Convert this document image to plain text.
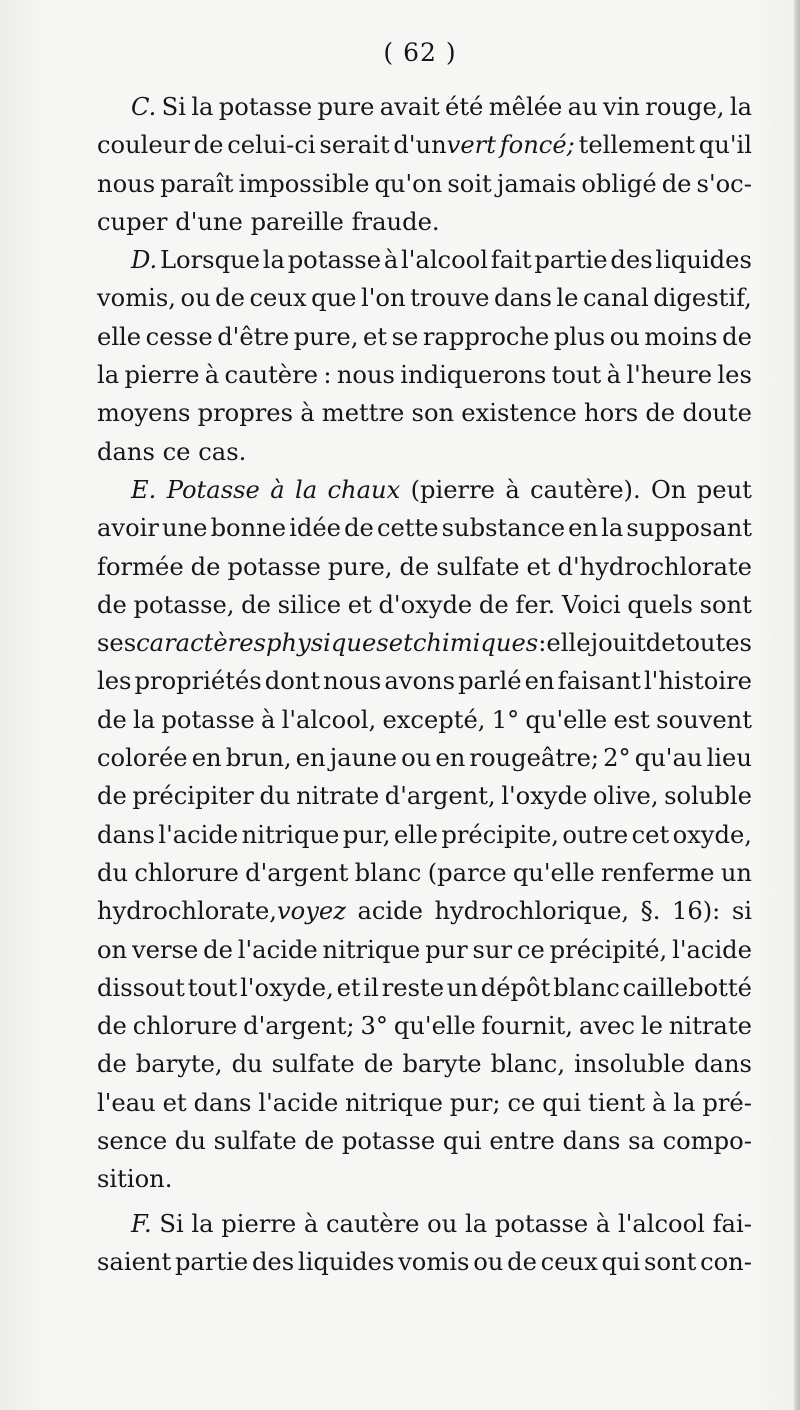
( 62 )
C. Si la potasse pure avait été mêlée au vin rouge, la
couleur de celui-ci serait d'unvert foncé; tellement qu'il
nous paraît impossible qu'on soit jamais obligé de s'oc-
cuper d'une pareille fraude.
D. Lorsque la potasse à l'alcool fait partie des liquides
vomis, ou de ceux que l'on trouve dans le canal digestif,
elle cesse d'être pure, et se rapproche plus ou moins de
la pierre à cautère : nous indiquerons tout à l'heure les
moyens propres à mettre son existence hors de doute
dans ce cas.
E. Potasse à la chaux (pierre à cautère). On peut
avoir une bonne idée de cette substance en la supposant
formée de potasse pure, de sulfate et d'hydrochlorate
de potasse, de silice et d'oxyde de fer. Voici quels sont
sescaractères physiques et chimiques: elle jouit de toutes
les propriétés dont nous avons parlé en faisant l'histoire
de la potasse à l'alcool, excepté, 1° qu'elle est souvent
colorée en brun, en jaune ou en rougeâtre; 2° qu'au lieu
de précipiter du nitrate d'argent, l'oxyde olive, soluble
dans l'acide nitrique pur, elle précipite, outre cet oxyde,
du chlorure d'argent blanc (parce qu'elle renferme un
hydrochlorate,voyez acide hydrochlorique, §. 16): si
on verse de l'acide nitrique pur sur ce précipité, l'acide
dissout tout l'oxyde, et il reste un dépôt blanc caillebotté
de chlorure d'argent; 3° qu'elle fournit, avec le nitrate
de baryte, du sulfate de baryte blanc, insoluble dans
l'eau et dans l'acide nitrique pur; ce qui tient à la pré-
sence du sulfate de potasse qui entre dans sa compo-
sition.
F. Si la pierre à cautère ou la potasse à l'alcool fai-
saient partie des liquides vomis ou de ceux qui sont con-
